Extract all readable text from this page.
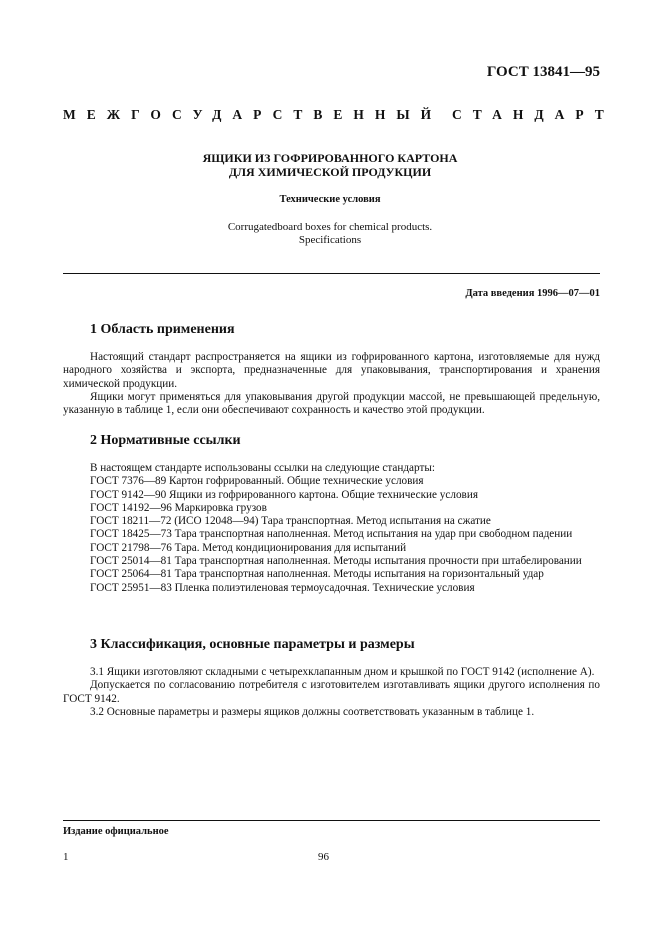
ГОСТ 13841—95
МЕЖГОСУДАРСТВЕННЫЙ СТАНДАРТ
ЯЩИКИ ИЗ ГОФРИРОВАННОГО КАРТОНА
ДЛЯ ХИМИЧЕСКОЙ ПРОДУКЦИИ
Технические условия
Corrugatedboard boxes for chemical products.
Specifications
Дата введения 1996—07—01
1 Область применения

Настоящий стандарт распространяется на ящики из гофрированного картона, изготовляемые для нужд народного хозяйства и экспорта, предназначенные для упаковывания, транспортирования и хранения химической продукции.

Ящики могут применяться для упаковывания другой продукции массой, не превышающей предельную, указанную в таблице 1, если они обеспечивают сохранность и качество этой продукции.

2 Нормативные ссылки
В настоящем стандарте использованы ссылки на следующие стандарты:
ГОСТ 7376—89 Картон гофрированный. Общие технические условия
ГОСТ 9142—90 Ящики из гофрированного картона. Общие технические условия
ГОСТ 14192—96 Маркировка грузов
ГОСТ 18211—72 (ИСО 12048—94) Тара транспортная. Метод испытания на сжатие
ГОСТ 18425—73 Тара транспортная наполненная. Метод испытания на удар при свободном падении
ГОСТ 21798—76 Тара. Метод кондиционирования для испытаний
ГОСТ 25014—81 Тара транспортная наполненная. Методы испытания прочности при штабелировании
ГОСТ 25064—81 Тара транспортная наполненная. Методы испытания на горизонтальный удар
ГОСТ 25951—83 Пленка полиэтиленовая термоусадочная. Технические условия
3 Классификация, основные параметры и размеры

3.1 Ящики изготовляют складными с четырехклапанным дном и крышкой по ГОСТ 9142 (исполнение А).

Допускается по согласованию потребителя с изготовителем изготавливать ящики другого исполнения по ГОСТ 9142.

3.2 Основные параметры и размеры ящиков должны соответствовать указанным в таблице 1.

Издание официальное
1	96
